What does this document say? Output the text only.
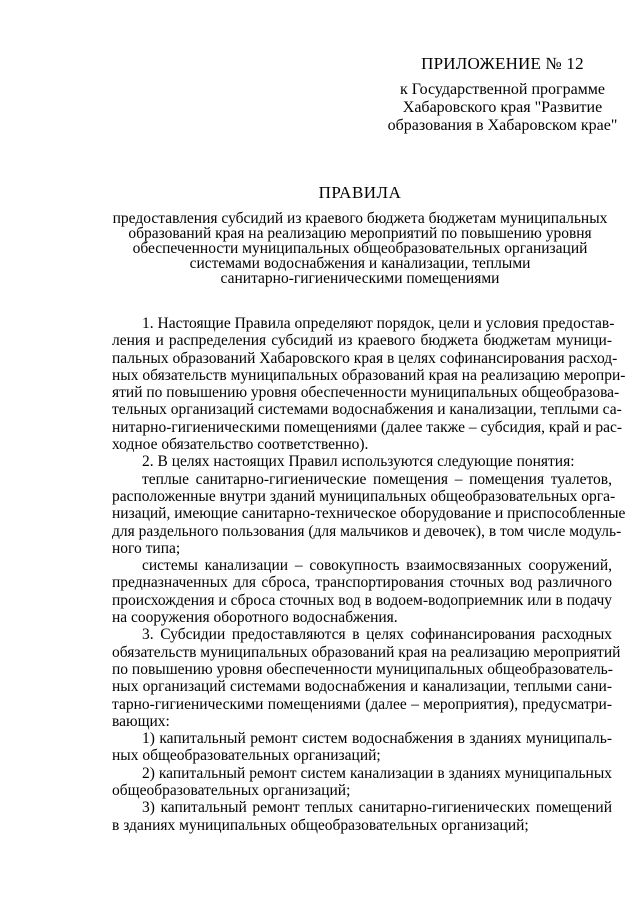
ПРИЛОЖЕНИЕ № 12
к Государственной программе
Хабаровского края "Развитие
образования в Хабаровском крае"
ПРАВИЛА
предоставления субсидий из краевого бюджета бюджетам муниципальных
образований края на реализацию мероприятий по повышению уровня
обеспеченности муниципальных общеобразовательных организаций
системами водоснабжения и канализации, теплыми
санитарно-гигиеническими помещениями

1. Настоящие Правила определяют порядок, цели и условия предостав-
ления и распределения субсидий из краевого бюджета бюджетам муници-
пальных образований Хабаровского края в целях софинансирования расход-
ных обязательств муниципальных образований края на реализацию меропри-
ятий по повышению уровня обеспеченности муниципальных общеобразова-
тельных организаций системами водоснабжения и канализации, теплыми са-
нитарно-гигиеническими помещениями (далее также – субсидия, край и рас-
ходное обязательство соответственно).

2. В целях настоящих Правил используются следующие понятия:

теплые санитарно-гигиенические помещения – помещения туалетов,
расположенные внутри зданий муниципальных общеобразовательных орга-
низаций, имеющие санитарно-техническое оборудование и приспособленные
для раздельного пользования (для мальчиков и девочек), в том числе модуль-
ного типа;

системы канализации – совокупность взаимосвязанных сооружений,
предназначенных для сброса, транспортирования сточных вод различного
происхождения и сброса сточных вод в водоем-водоприемник или в подачу
на сооружения оборотного водоснабжения.

3. Субсидии предоставляются в целях софинансирования расходных
обязательств муниципальных образований края на реализацию мероприятий
по повышению уровня обеспеченности муниципальных общеобразователь-
ных организаций системами водоснабжения и канализации, теплыми сани-
тарно-гигиеническими помещениями (далее – мероприятия), предусматри-
вающих:

1) капитальный ремонт систем водоснабжения в зданиях муниципаль-
ных общеобразовательных организаций;

2) капитальный ремонт систем канализации в зданиях муниципальных
общеобразовательных организаций;

3) капитальный ремонт теплых санитарно-гигиенических помещений
в зданиях муниципальных общеобразовательных организаций;
